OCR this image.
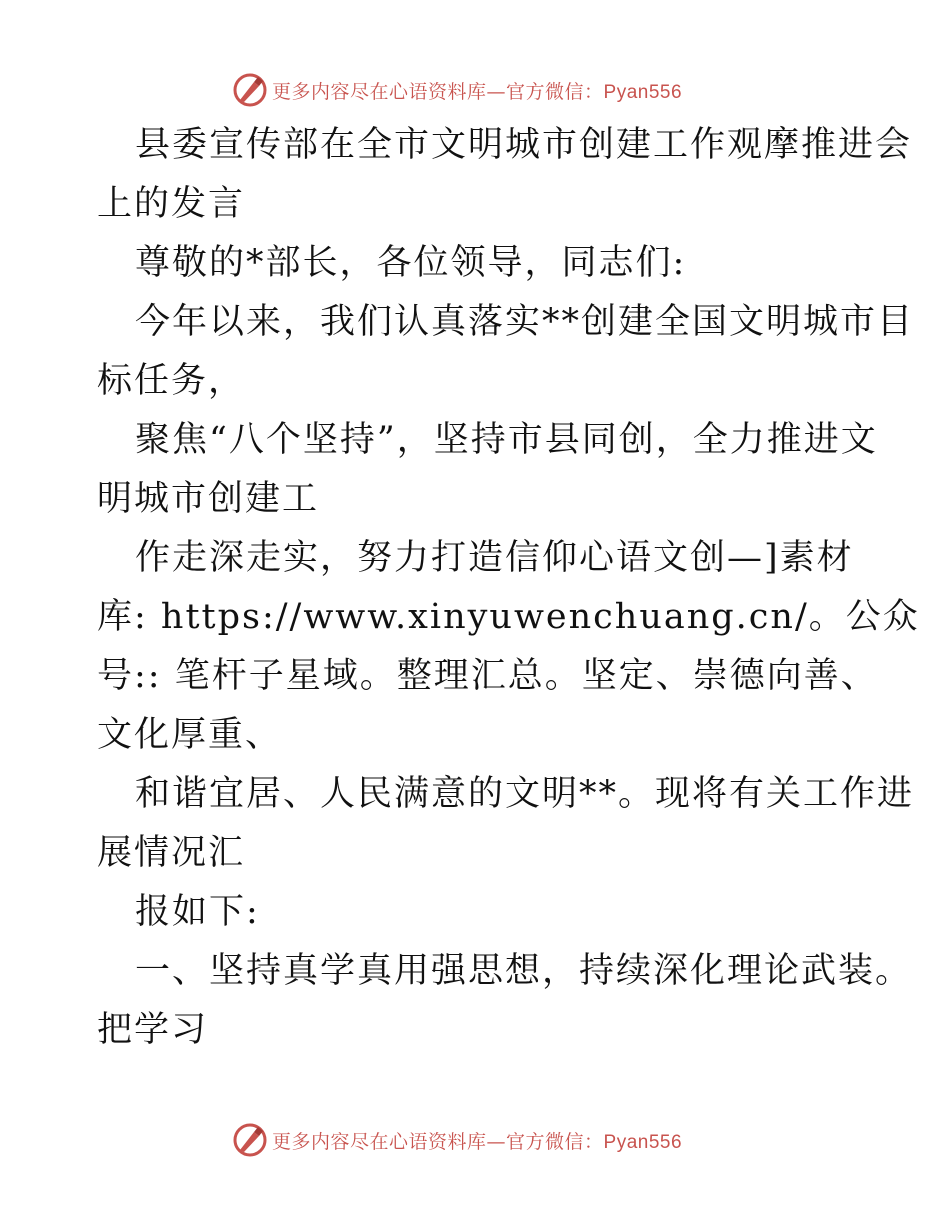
更多内容尽在心语资料库—官方微信：Pyan556
县委宣传部在全市文明城市创建工作观摩推进会
上的发言
尊敬的*部长，各位领导，同志们:
今年以来，我们认真落实**创建全国文明城市目
标任务，
聚焦“八个坚持”，坚持市县同创，全力推进文
明城市创建工
作走深走实，努力打造信仰心语文创—]素材
库: https://www.xinyuwenchuang.cn/。公众
号:: 笔杆子星域。整理汇总。坚定、崇德向善、
文化厚重、
和谐宜居、人民满意的文明**。现将有关工作进
展情况汇
报如下:
一、坚持真学真用强思想，持续深化理论武装。
把学习
更多内容尽在心语资料库—官方微信：Pyan556
